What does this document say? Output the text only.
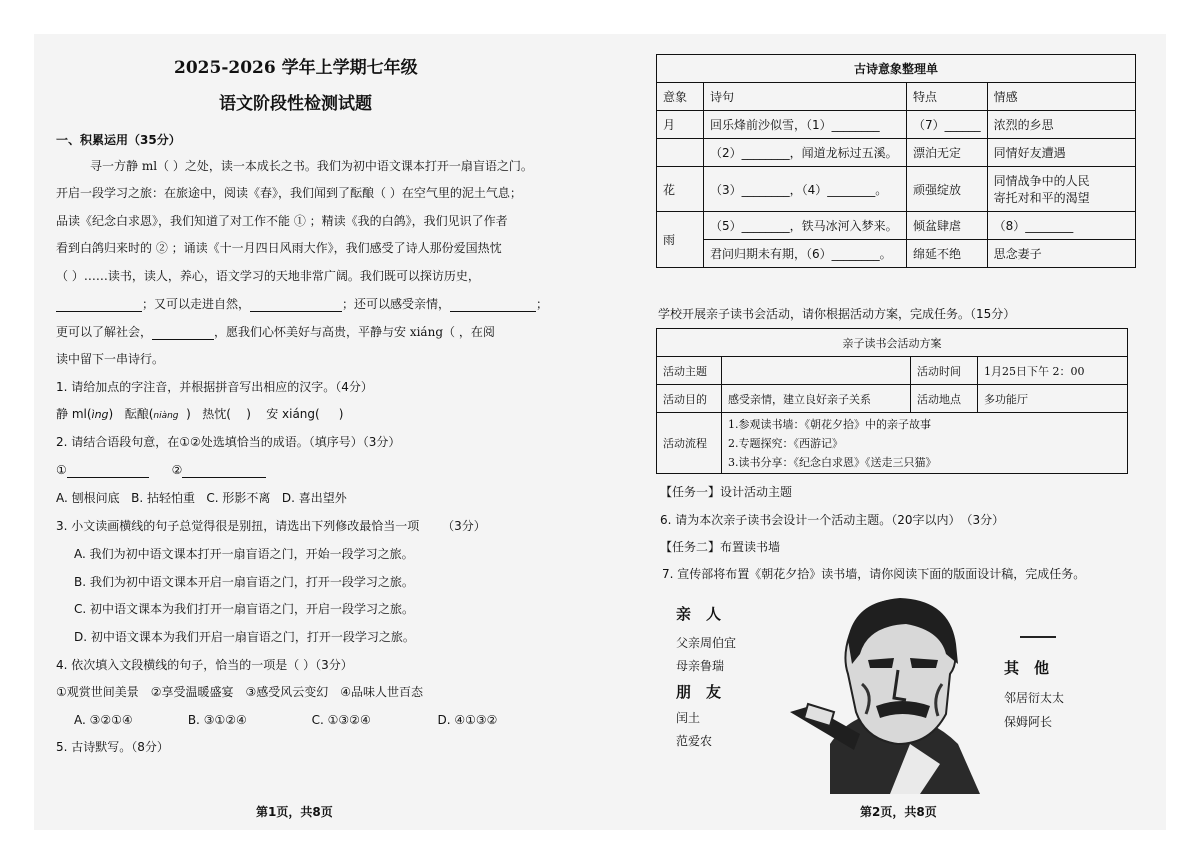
2025-2026 学年上学期七年级
语文阶段性检测试题
一、积累运用（35分）
寻一方静 ml（ ）之处，读一本成长之书。我们为初中语文课本打开一扇盲语之门。
开启一段学习之旅：在旅途中，阅读《春》，我们闻到了酝酿（ ）在空气里的泥土气息；
品读《纪念白求恩》，我们知道了对工作不能 ① ；精读《我的白鸽》，我们见识了作者
看到白鸽归来时的 ② ；诵读《十一月四日风雨大作》，我们感受了诗人那份爱国热忱
（ ）……读书，读人，养心，语文学习的天地非常广阔。我们既可以探访历史，
；又可以走进自然，	；还可以感受亲情，	；
更可以了解社会，	，愿我们心怀美好与高贵，平静与安 xiáng（ ，在阅
读中留下一串诗行。
1. 请给加点的字注音，并根据拼音写出相应的汉字。（4分）
静 ml(ìng) 酝酿(niàng ) 热忱( ) 安 xiáng( )
2. 请结合语段句意，在①②处选填恰当的成语。（填序号）（3分）
①	②
A. 刨根问底 B. 拈轻怕重 C. 形影不离 D. 喜出望外
3. 小文读画横线的句子总觉得很是别扭，请选出下列修改最恰当一项 （3分）
A. 我们为初中语文课本打开一扇盲语之门，开始一段学习之旅。
B. 我们为初中语文课本开启一扇盲语之门，打开一段学习之旅。
C. 初中语文课本为我们打开一扇盲语之门，开启一段学习之旅。
D. 初中语文课本为我们开启一扇盲语之门，打开一段学习之旅。
4. 依次填入文段横线的句子，恰当的一项是（ ）（3分）
①观赏世间美景　②享受温暖盛宴　③感受风云变幻　④品味人世百态
A. ③②①④	B. ③①②④	C. ①③②④	D. ④①③②
5. 古诗默写。（8分）
第1页，共8页
古诗意象整理单			
意象	诗句	特点	情感
月	回乐烽前沙似雪，（1）________	（7）______	浓烈的乡思
	（2）________，闻道龙标过五溪。	漂泊无定	同情好友遭遇
花	（3）________，（4）________。	顽强绽放	同情战争中的人民
寄托对和平的渴望

雨	（5）________，铁马冰河入梦来。	倾盆肆虐	（8）________
	君问归期未有期，（6）________。	绵延不绝	思念妻子
学校开展亲子读书会活动，请你根据活动方案，完成任务。（15分）
亲子读书会活动方案			
活动主题		活动时间	1月25日下午 2：00
活动目的	感受亲情，建立良好亲子关系	活动地点	多功能厅
活动流程	1.参观读书墙：《朝花夕拾》中的亲子故事
2.专题探究：《西游记》
3.读书分享：《纪念白求恩》《送走三只猫》		
【任务一】设计活动主题
6. 请为本次亲子读书会设计一个活动主题。（20字以内）　（3分）
【任务二】布置读书墙
7. 宣传部将布置《朝花夕拾》读书墙，请你阅读下面的版面设计稿，完成任务。
亲　人
父亲周伯宜
母亲鲁瑞
朋　友
闰土
范爱农
其　他
邻居衍太太
保姆阿长
第2页，共8页
